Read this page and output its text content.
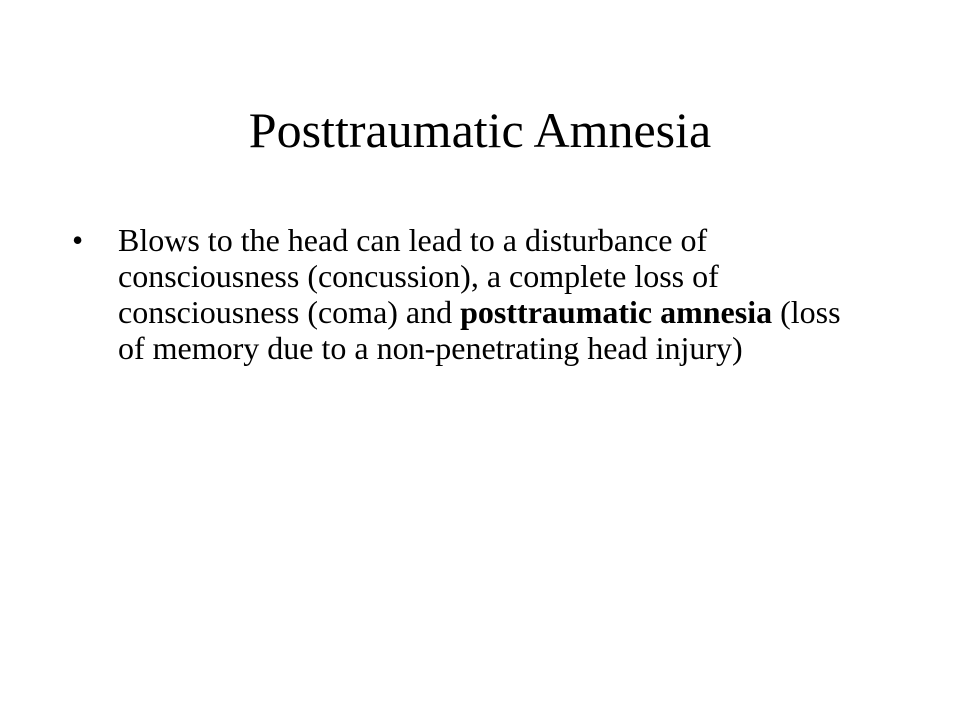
Posttraumatic Amnesia
• Blows to the head can lead to a disturbance of consciousness (concussion), a complete loss of consciousness (coma) and posttraumatic amnesia (loss of memory due to a non-penetrating head injury)
